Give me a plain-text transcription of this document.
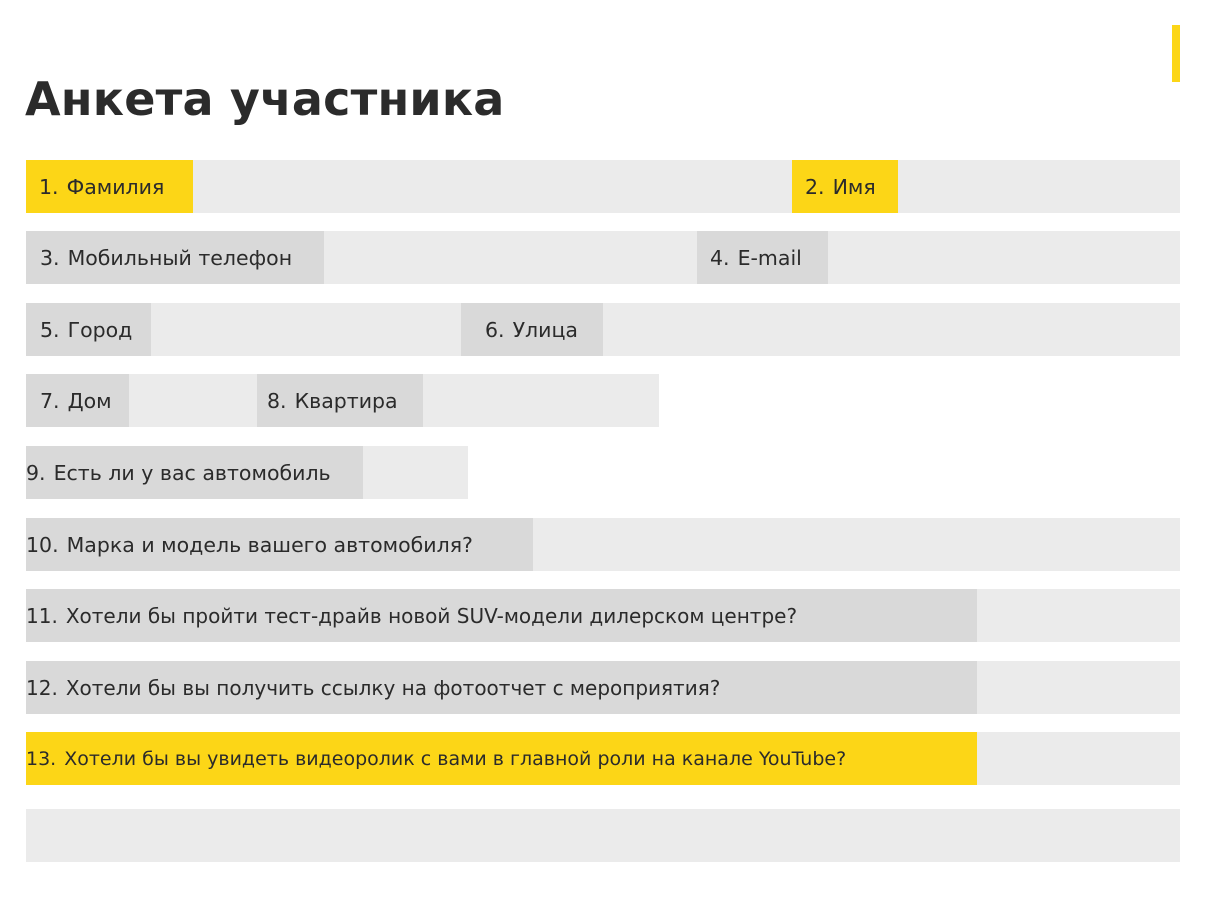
Анкета участника
1. Фамилия	2. Имя
3. Мобильный телефон	4. E-mail
5. Город	6. Улица
7. Дом	8. Квартира
9. Есть ли у вас автомобиль
10. Марка и модель вашего автомобиля?
11. Хотели бы пройти тест-драйв новой SUV-модели дилерском центре?
12. Хотели бы вы получить ссылку на фотоотчет с мероприятия?
13. Хотели бы вы увидеть видеоролик с вами в главной роли на канале YouTube?
